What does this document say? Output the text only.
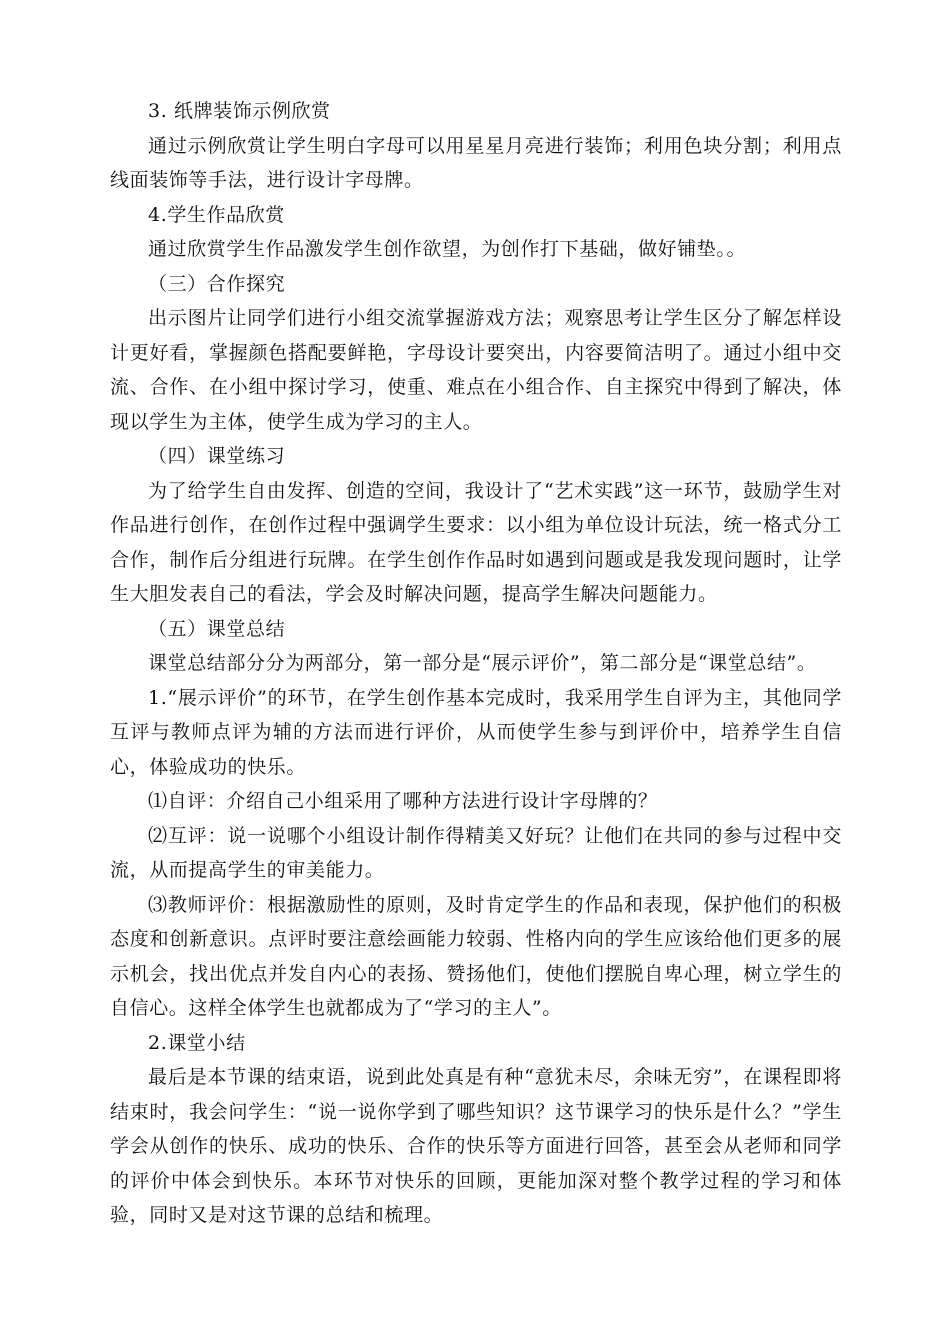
3. 纸牌装饰示例欣赏

通过示例欣赏让学生明白字母可以用星星月亮进行装饰；利用色块分割；利用点线面装饰等手法，进行设计字母牌。

4.学生作品欣赏

通过欣赏学生作品激发学生创作欲望，为创作打下基础，做好铺垫。。

（三）合作探究

出示图片让同学们进行小组交流掌握游戏方法；观察思考让学生区分了解怎样设计更好看，掌握颜色搭配要鲜艳，字母设计要突出，内容要简洁明了。通过小组中交流、合作、在小组中探讨学习，使重、难点在小组合作、自主探究中得到了解决，体现以学生为主体，使学生成为学习的主人。

（四）课堂练习

为了给学生自由发挥、创造的空间，我设计了“艺术实践”这一环节，鼓励学生对作品进行创作，在创作过程中强调学生要求：以小组为单位设计玩法，统一格式分工合作，制作后分组进行玩牌。在学生创作作品时如遇到问题或是我发现问题时，让学生大胆发表自己的看法，学会及时解决问题，提高学生解决问题能力。

（五）课堂总结

课堂总结部分分为两部分，第一部分是“展示评价”，第二部分是“课堂总结”。

1.“展示评价”的环节，在学生创作基本完成时，我采用学生自评为主，其他同学互评与教师点评为辅的方法而进行评价，从而使学生参与到评价中，培养学生自信心，体验成功的快乐。

⑴自评：介绍自己小组采用了哪种方法进行设计字母牌的？

⑵互评：说一说哪个小组设计制作得精美又好玩？让他们在共同的参与过程中交流，从而提高学生的审美能力。

⑶教师评价：根据激励性的原则，及时肯定学生的作品和表现，保护他们的积极态度和创新意识。点评时要注意绘画能力较弱、性格内向的学生应该给他们更多的展示机会，找出优点并发自内心的表扬、赞扬他们，使他们摆脱自卑心理，树立学生的自信心。这样全体学生也就都成为了“学习的主人”。

2.课堂小结

最后是本节课的结束语，说到此处真是有种“意犹未尽，余味无穷”，在课程即将结束时，我会问学生：“说一说你学到了哪些知识？这节课学习的快乐是什么？”学生学会从创作的快乐、成功的快乐、合作的快乐等方面进行回答，甚至会从老师和同学的评价中体会到快乐。本环节对快乐的回顾，更能加深对整个教学过程的学习和体验，同时又是对这节课的总结和梳理。
